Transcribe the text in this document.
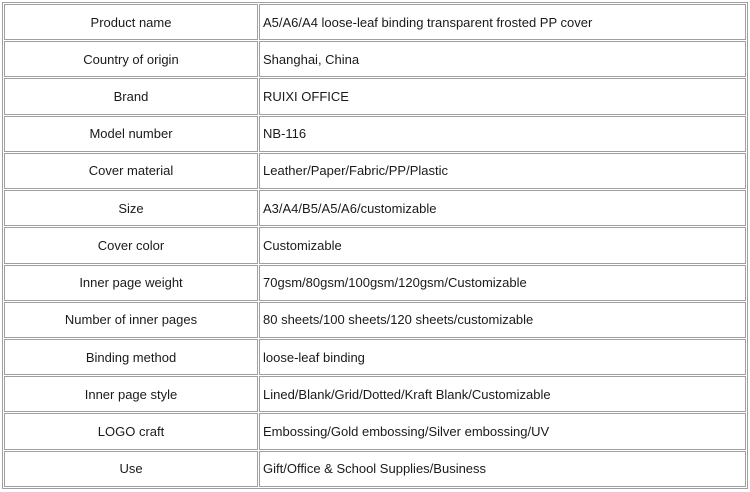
Product name	A5/A6/A4 loose-leaf binding transparent frosted PP cover
Country of origin	Shanghai, China
Brand	RUIXI OFFICE
Model number	NB-116
Cover material	Leather/Paper/Fabric/PP/Plastic
Size	A3/A4/B5/A5/A6/customizable
Cover color	Customizable
Inner page weight	70gsm/80gsm/100gsm/120gsm/Customizable
Number of inner pages	80 sheets/100 sheets/120 sheets/customizable
Binding method	loose-leaf binding
Inner page style	Lined/Blank/Grid/Dotted/Kraft Blank/Customizable
LOGO craft	Embossing/Gold embossing/Silver embossing/UV
Use	Gift/Office & School Supplies/Business
